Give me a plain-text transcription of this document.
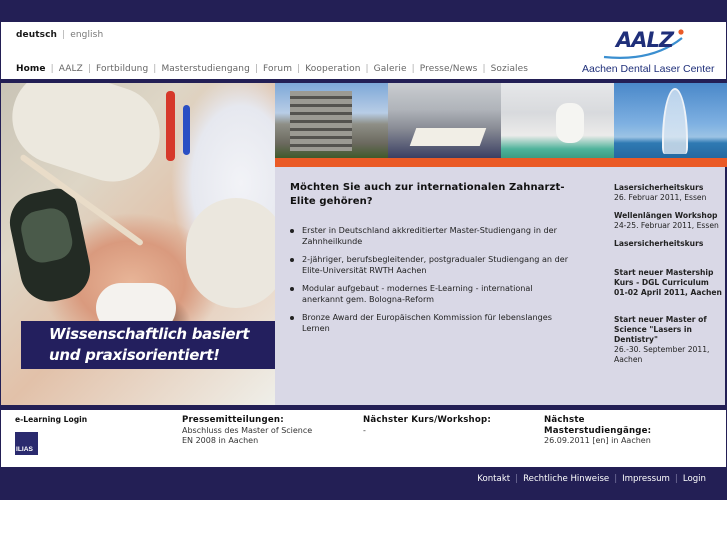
deutsch | english
Home | AALZ | Fortbildung | Masterstudiengang | Forum | Kooperation | Galerie | Presse/News | Soziales
AALZ
Aachen Dental Laser Center
Wissenschaftlich basiert
und praxisorientiert!
Möchten Sie auch zur internationalen Zahnarzt-Elite gehören?
Erster in Deutschland akkreditierter Master-Studiengang in der Zahnheilkunde
2-jähriger, berufsbegleitender, postgradualer Studiengang an der Elite-Universität RWTH Aachen
Modular aufgebaut - modernes E-Learning - international anerkannt gem. Bologna-Reform
Bronze Award der Europäischen Kommission für lebenslanges Lernen
Lasersicherheitskurs
26. Februar 2011, Essen
Wellenlängen Workshop
24-25. Februar 2011, Essen
Lasersicherheitskurs
Start neuer Mastership Kurs - DGL Curriculum 01-02 April 2011, Aachen
Start neuer Master of Science "Lasers in Dentistry"
26.-30. September 2011, Aachen
e-Learning Login
ILIAS
Pressemitteilungen:
Abschluss des Master of Science
EN 2008 in Aachen
Nächster Kurs/Workshop:
-
Nächste
Masterstudiengänge:
26.09.2011 [en] in Aachen
Kontakt | Rechtliche Hinweise | Impressum | Login
